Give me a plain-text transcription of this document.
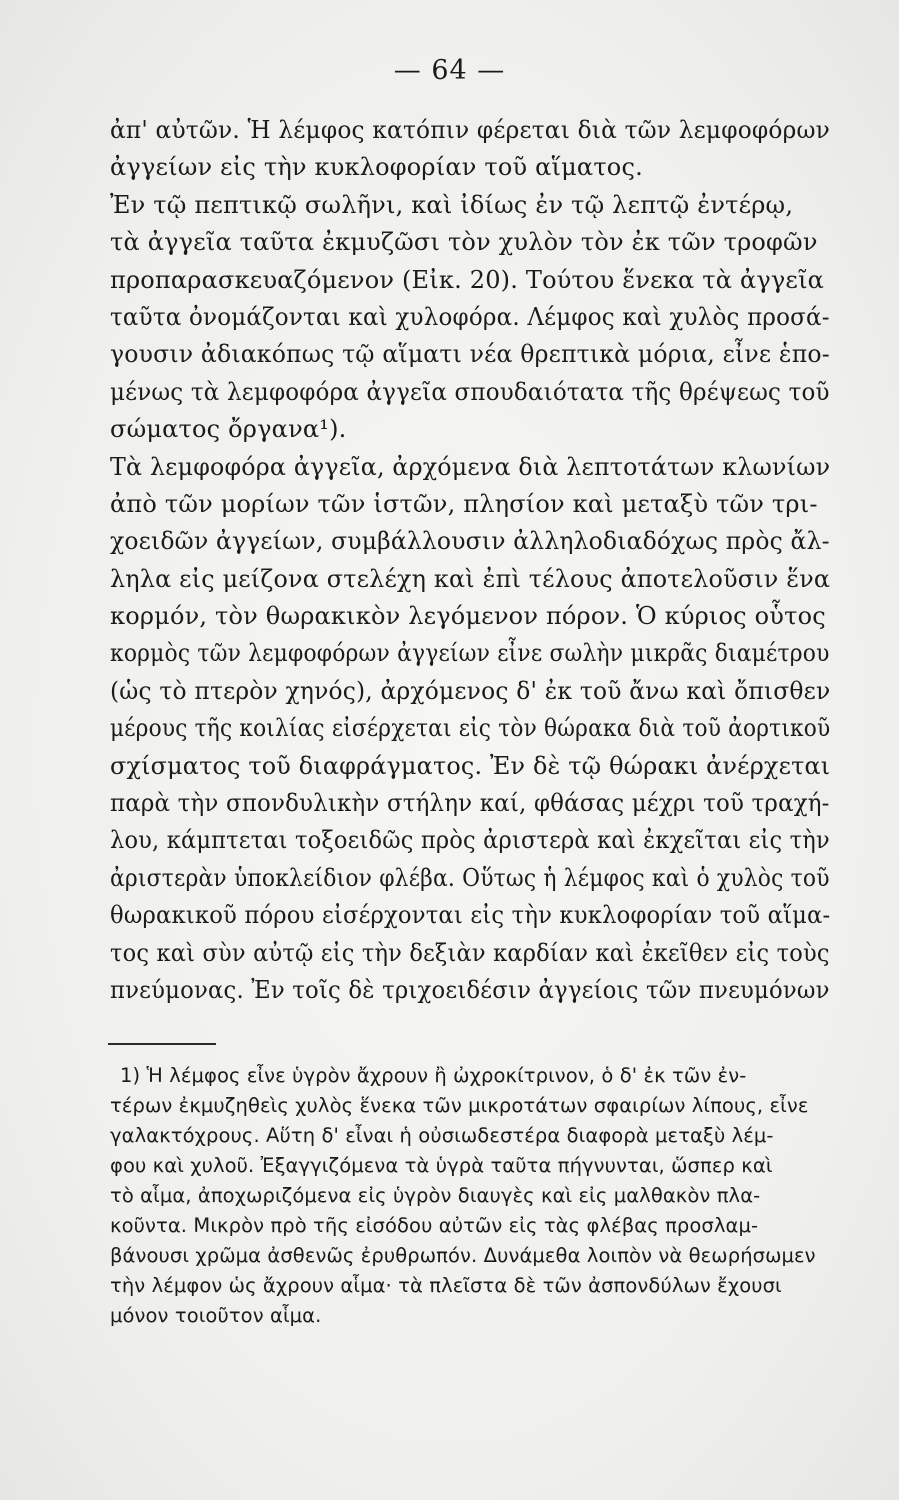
— 64 —
ἀπ' αὐτῶν. Ἡ λέμφος κατόπιν φέρεται διὰ τῶν λεμφοφόρων
ἀγγείων εἰς τὴν κυκλοφορίαν τοῦ αἵματος.
Ἐν τῷ πεπτικῷ σωλῆνι, καὶ ἰδίως ἐν τῷ λεπτῷ ἐντέρῳ,
τὰ ἀγγεῖα ταῦτα ἐκμυζῶσι τὸν χυλὸν τὸν ἐκ τῶν τροφῶν
προπαρασκευαζόμενον (Εἰκ. 20). Τούτου ἕνεκα τὰ ἀγγεῖα
ταῦτα ὀνομάζονται καὶ χυλοφόρα. Λέμφος καὶ χυλὸς προσά-
γουσιν ἀδιακόπως τῷ αἵματι νέα θρεπτικὰ μόρια, εἶνε ἑπο-
μένως τὰ λεμφοφόρα ἀγγεῖα σπουδαιότατα τῆς θρέψεως τοῦ
σώματος ὄργανα¹).
Τὰ λεμφοφόρα ἀγγεῖα, ἀρχόμενα διὰ λεπτοτάτων κλωνίων
ἀπὸ τῶν μορίων τῶν ἱστῶν, πλησίον καὶ μεταξὺ τῶν τρι-
χοειδῶν ἀγγείων, συμβάλλουσιν ἀλληλοδιαδόχως πρὸς ἄλ-
ληλα εἰς μείζονα στελέχη καὶ ἐπὶ τέλους ἀποτελοῦσιν ἕνα
κορμόν, τὸν θωρακικὸν λεγόμενον πόρον. Ὁ κύριος οὗτος
κορμὸς τῶν λεμφοφόρων ἀγγείων εἶνε σωλὴν μικρᾶς διαμέτρου
(ὡς τὸ πτερὸν χηνός), ἀρχόμενος δ' ἐκ τοῦ ἄνω καὶ ὄπισθεν
μέρους τῆς κοιλίας εἰσέρχεται εἰς τὸν θώρακα διὰ τοῦ ἀορτικοῦ
σχίσματος τοῦ διαφράγματος. Ἐν δὲ τῷ θώρακι ἀνέρχεται
παρὰ τὴν σπονδυλικὴν στήλην καί, φθάσας μέχρι τοῦ τραχή-
λου, κάμπτεται τοξοειδῶς πρὸς ἀριστερὰ καὶ ἐκχεῖται εἰς τὴν
ἀριστερὰν ὑποκλείδιον φλέβα. Οὕτως ἡ λέμφος καὶ ὁ χυλὸς τοῦ
θωρακικοῦ πόρου εἰσέρχονται εἰς τὴν κυκλοφορίαν τοῦ αἵμα-
τος καὶ σὺν αὐτῷ εἰς τὴν δεξιὰν καρδίαν καὶ ἐκεῖθεν εἰς τοὺς
πνεύμονας. Ἐν τοῖς δὲ τριχοειδέσιν ἀγγείοις τῶν πνευμόνων
1) Ἡ λέμφος εἶνε ὑγρὸν ἄχρουν ἢ ὠχροκίτρινον, ὁ δ' ἐκ τῶν ἐν-
τέρων ἐκμυζηθεὶς χυλὸς ἕνεκα τῶν μικροτάτων σφαιρίων λίπους, εἶνε
γαλακτόχρους. Αὕτη δ' εἶναι ἡ οὐσιωδεστέρα διαφορὰ μεταξὺ λέμ-
φου καὶ χυλοῦ. Ἐξαγγιζόμενα τὰ ὑγρὰ ταῦτα πήγνυνται, ὥσπερ καὶ
τὸ αἷμα, ἀποχωριζόμενα εἰς ὑγρὸν διαυγὲς καὶ εἰς μαλθακὸν πλα-
κοῦντα. Μικρὸν πρὸ τῆς εἰσόδου αὐτῶν εἰς τὰς φλέβας προσλαμ-
βάνουσι χρῶμα ἀσθενῶς ἐρυθρωπόν. Δυνάμεθα λοιπὸν νὰ θεωρήσωμεν
τὴν λέμφον ὡς ἄχρουν αἷμα· τὰ πλεῖστα δὲ τῶν ἀσπονδύλων ἔχουσι
μόνον τοιοῦτον αἷμα.
